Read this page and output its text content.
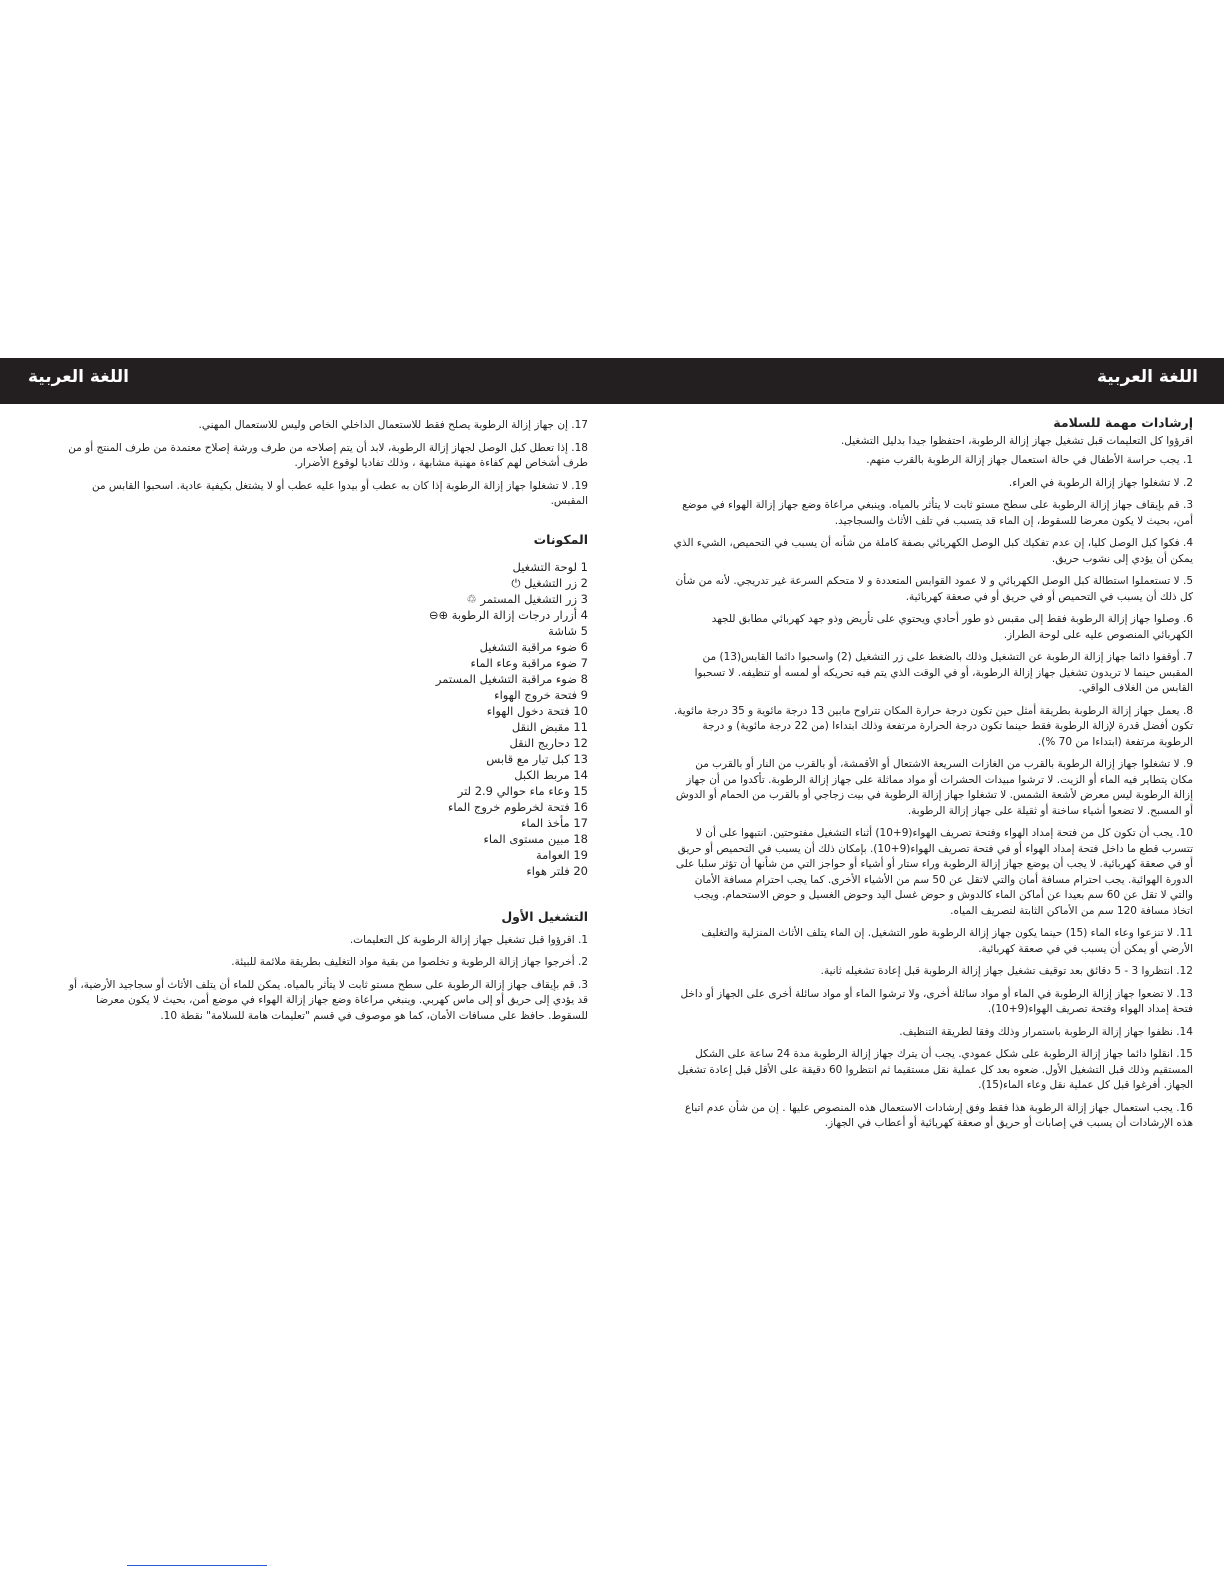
اللغة العربية	اللغة العربية
إرشادات مهمة للسلامة
اقرؤوا كل التعليمات قبل تشغيل جهاز إزالة الرطوبة، احتفظوا جيدا بدليل التشغيل.
1. يجب حراسة الأطفال في حالة استعمال جهاز إزالة الرطوبة بالقرب منهم.
2. لا تشغلوا جهاز إزالة الرطوبة في العراء.
3. قم بإيقاف جهاز إزالة الرطوبة على سطح مستو ثابت لا يتأثر بالمياه. وينبغي مراعاة وضع جهاز إزالة الهواء في موضع أمن، بحيث لا يكون معرضا للسقوط، إن الماء قد يتسبب في تلف الأثاث والسجاجيد.
4. فكوا كبل الوصل كليا، إن عدم تفكيك كبل الوصل الكهربائي بصفة كاملة من شأنه أن يسبب في التحميص، الشيء الذي يمكن أن يؤدي إلى نشوب حريق.
5. لا تستعملوا استطالة كبل الوصل الكهربائي و لا عمود القوابس المتعددة و لا متحكم السرعة غير تدريجي. لأنه من شأن كل ذلك أن يسبب في التحميص أو في حريق أو في صعقة كهربائية.
6. وصلوا جهاز إزالة الرطوبة فقط إلى مقبس ذو طور أحادي ويحتوي على تأريض وذو جهد كهربائي مطابق للجهد الكهربائي المنصوص عليه على لوحة الطراز.
7. أوقفوا دائما جهاز إزالة الرطوبة عن التشغيل وذلك بالضغط على زر التشغيل (2) واسحبوا دائما القابس(13) من المقبس حينما لا تريدون تشغيل جهاز إزالة الرطوبة، أو في الوقت الذي يتم فيه تحريكه أو لمسه أو تنظيفه. لا تسحبوا القابس من الغلاف الواقي.
8. يعمل جهاز إزالة الرطوبة بطريقة أمثل حين تكون درجة حرارة المكان تتراوح مابين 13 درجة مائوية و 35 درجة مائوية. تكون أفضل قدرة لإزالة الرطوبة فقط حينما تكون درجة الحرارة مرتفعة وذلك ابتداءا (من 22 درجة مائوية) و درجة الرطوبة مرتفعة (ابتداءا من 70 %).
9. لا تشغلوا جهاز إزالة الرطوبة بالقرب من الغازات السريعة الاشتعال أو الأقمشة، أو بالقرب من النار أو بالقرب من مكان يتطاير فيه الماء أو الزيت. لا ترشوا مبيدات الحشرات أو مواد مماثلة على جهاز إزالة الرطوبة. تأكدوا من أن جهاز إزالة الرطوبة ليس معرض لأشعة الشمس. لا تشغلوا جهاز إزالة الرطوبة في بيت زجاجي أو بالقرب من الحمام أو الدوش أو المسبح. لا تضعوا أشياء ساخنة أو ثقيلة على جهاز إزالة الرطوبة.
10. يجب أن تكون كل من فتحة إمداد الهواء وفتحة تصريف الهواء(9+10) أثناء التشغيل مفتوحتين. انتبهوا على أن لا تتسرب قطع ما داخل فتحة إمداد الهواء أو في فتحة تصريف الهواء(9+10). بإمكان ذلك أن يسبب في التحميص أو حريق أو في صعقة كهربائية. لا يجب أن يوضع جهاز إزالة الرطوبة وراء ستار أو أشياء أو حواجز التي من شأنها أن تؤثر سلبا على الدورة الهوائية. يجب احترام مسافة أمان والتي لاتقل عن 50 سم من الأشياء الأخرى. كما يجب احترام مسافة الأمان والتي لا تقل عن 60 سم بعيدا عن أماكن الماء كالدوش و حوض غسل اليد وحوض الغسيل و حوض الاستحمام. ويجب اتخاذ مسافة 120 سم من الأماكن الثابتة لتصريف المياه.
11. لا تنزعوا وعاء الماء (15) حينما يكون جهاز إزالة الرطوبة طور التشغيل. إن الماء يتلف الأثاث المنزلية والتغليف الأرضي أو يمكن أن يسبب في في صعقة كهربائية.
12. انتظروا 3 - 5 دقائق بعد توقيف تشغيل جهاز إزالة الرطوبة قبل إعادة تشغيله ثانية.
13. لا تضعوا جهاز إزالة الرطوبة في الماء أو مواد سائلة أخرى، ولا ترشوا الماء أو مواد سائلة أخرى على الجهاز أو داخل فتحة إمداد الهواء وفتحة تصريف الهواء(9+10).
14. نظفوا جهاز إزالة الرطوبة باستمرار وذلك وفقا لطريقة التنظيف.
15. انقلوا دائما جهاز إزالة الرطوبة على شكل عمودي. يجب أن يترك جهاز إزالة الرطوبة مدة 24 ساعة على الشكل المستقيم وذلك قبل التشغيل الأول. ضعوه بعد كل عملية نقل مستقيما ثم انتظروا 60 دقيقة على الأقل قبل إعادة تشغيل الجهاز. أفرغوا قبل كل عملية نقل وعاء الماء(15).
16. يجب استعمال جهاز إزالة الرطوبة هذا فقط وفق إرشادات الاستعمال هذه المنصوص عليها . إن من شأن عدم اتباع هذه الإرشادات أن يسبب في إصابات أو حريق أو صعقة كهربائية أو أعطاب في الجهاز.
17. إن جهاز إزالة الرطوبة يصلح فقط للاستعمال الداخلي الخاص وليس للاستعمال المهني.
18. إذا تعطل كبل الوصل لجهاز إزالة الرطوبة، لابد أن يتم إصلاحه من طرف ورشة إصلاح معتمدة من طرف المنتج أو من طرف أشخاص لهم كفاءة مهنية مشابهة ، وذلك تفاديا لوقوع الأضرار.
19. لا تشغلوا جهاز إزالة الرطوبة إذا كان به عطب أو بيدوا عليه عطب أو لا يشتغل بكيفية عادية. اسحبوا القابس من المقبس.
المكونات
1 لوحة التشغيل
2 زر التشغيل ⏻
3 زر التشغيل المستمر ♲
4 أزرار درجات إزالة الرطوبة ⊕⊖
5 شاشة
6 ضوء مراقبة التشغيل
7 ضوء مراقبة وعاء الماء
8 ضوء مراقبة التشغيل المستمر
9 فتحة خروج الهواء
10 فتحة دخول الهواء
11 مقبض النقل
12 دحاريج النقل
13 كبل تيار مع قابس
14 مربط الكبل
15 وعاء ماء حوالي 2.9 لتر
16 فتحة لخرطوم خروج الماء
17 مأخذ الماء
18 مبين مستوى الماء
19 العوامة
20 فلتر هواء
التشغيل الأول
1. اقرؤوا قبل تشغيل جهاز إزالة الرطوبة كل التعليمات.
2. أخرجوا جهاز إزالة الرطوبة و تخلصوا من بقية مواد التغليف بطريقة ملائمة للبيئة.
3. قم بإيقاف جهاز إزالة الرطوبة على سطح مستو ثابت لا يتأثر بالمياه. يمكن للماء أن يتلف الأثاث أو سجاجيد الأرضية، أو قد يؤدي إلى حريق أو إلى ماس كهربي. وينبغي مراعاة وضع جهاز إزالة الهواء في موضع أمن، بحيث لا يكون معرضا للسقوط. حافظ على مسافات الأمان، كما هو موصوف في قسم "تعليمات هامة للسلامة" نقطة 10.
